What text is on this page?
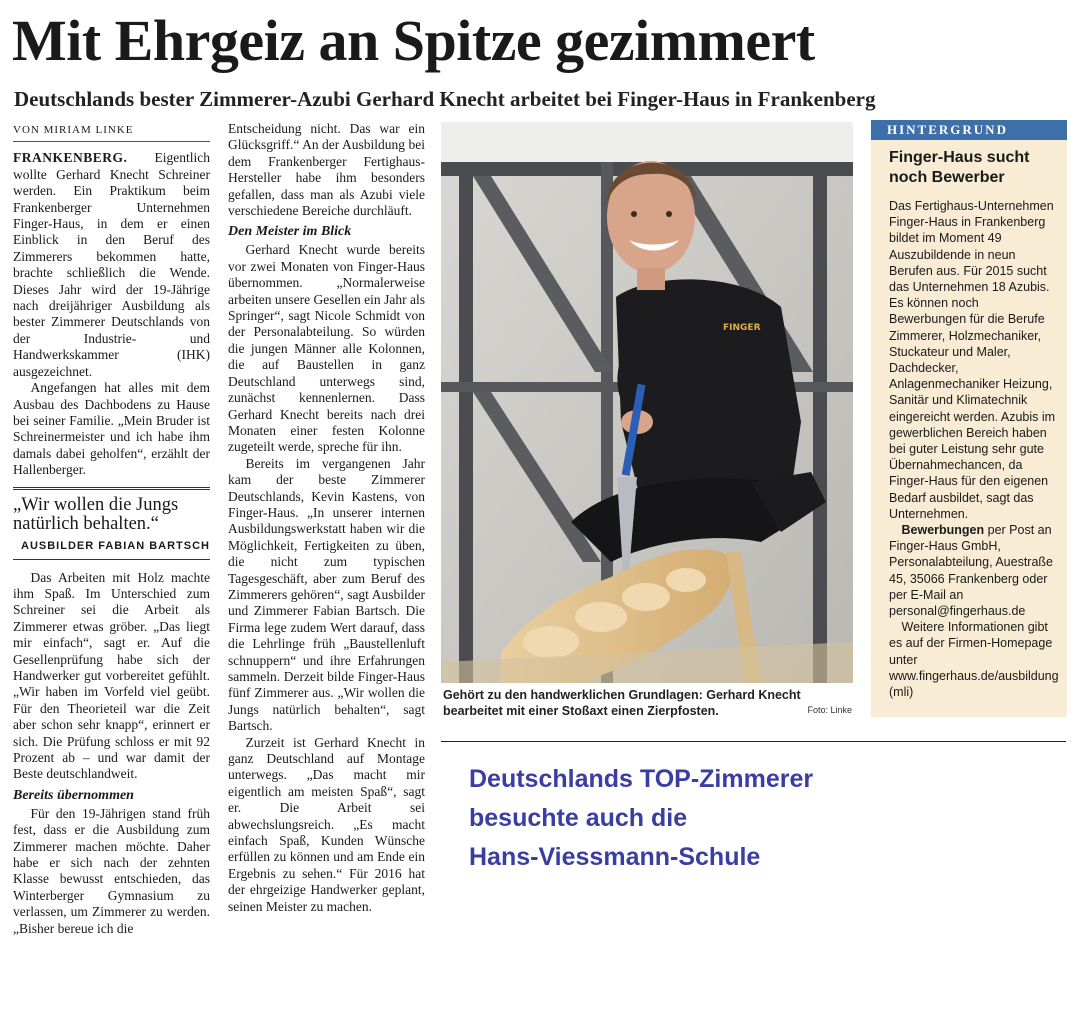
Mit Ehrgeiz an Spitze gezimmert
Deutschlands bester Zimmerer-Azubi Gerhard Knecht arbeitet bei Finger-Haus in Frankenberg
VON MIRIAM LINKE

FRANKENBERG. Eigentlich wollte Gerhard Knecht Schreiner werden. Ein Praktikum beim Frankenberger Unternehmen Finger-Haus, in dem er einen Einblick in den Beruf des Zimmerers bekommen hatte, brachte schließlich die Wende. Dieses Jahr wird der 19-Jährige nach dreijähriger Ausbildung als bester Zimmerer Deutschlands von der Industrie- und Handwerkskammer (IHK) ausgezeichnet.

Angefangen hat alles mit dem Ausbau des Dachbodens zu Hause bei seiner Familie. „Mein Bruder ist Schreinermeister und ich habe ihm damals dabei geholfen“, erzählt der Hallenberger.

„Wir wollen die Jungs natürlich behalten.“

AUSBILDER FABIAN BARTSCH

Das Arbeiten mit Holz machte ihm Spaß. Im Unterschied zum Schreiner sei die Arbeit als Zimmerer etwas gröber. „Das liegt mir einfach“, sagt er. Auf die Gesellenprüfung habe sich der Handwerker gut vorbereitet gefühlt. „Wir haben im Vorfeld viel geübt. Für den Theorieteil war die Zeit aber schon sehr knapp“, erinnert er sich. Die Prüfung schloss er mit 92 Prozent ab – und war damit der Beste deutschlandweit.

Bereits übernommen

Für den 19-Jährigen stand früh fest, dass er die Ausbildung zum Zimmerer machen möchte. Daher habe er sich nach der zehnten Klasse bewusst entschieden, das Winterberger Gymnasium zu verlassen, um Zimmerer zu werden. „Bisher bereue ich die

Entscheidung nicht. Das war ein Glücksgriff.“ An der Ausbildung bei dem Frankenberger Fertighaus-Hersteller habe ihm besonders gefallen, dass man als Azubi viele verschiedene Bereiche durchläuft.

Den Meister im Blick

Gerhard Knecht wurde bereits vor zwei Monaten von Finger-Haus übernommen. „Normalerweise arbeiten unsere Gesellen ein Jahr als Springer“, sagt Nicole Schmidt von der Personalabteilung. So würden die jungen Männer alle Kolonnen, die auf Baustellen in ganz Deutschland unterwegs sind, zunächst kennenlernen. Dass Gerhard Knecht bereits nach drei Monaten einer festen Kolonne zugeteilt werde, spreche für ihn.

Bereits im vergangenen Jahr kam der beste Zimmerer Deutschlands, Kevin Kastens, von Finger-Haus. „In unserer internen Ausbildungswerkstatt haben wir die Möglichkeit, Fertigkeiten zu üben, die nicht zum typischen Tagesgeschäft, aber zum Beruf des Zimmerers gehören“, sagt Ausbilder und Zimmerer Fabian Bartsch. Die Firma lege zudem Wert darauf, dass die Lehrlinge früh „Baustellenluft schnuppern“ und ihre Erfahrungen sammeln. Derzeit bilde Finger-Haus fünf Zimmerer aus. „Wir wollen die Jungs natürlich behalten“, sagt Bartsch.

Zurzeit ist Gerhard Knecht in ganz Deutschland auf Montage unterwegs. „Das macht mir eigentlich am meisten Spaß“, sagt er. Die Arbeit sei abwechslungsreich. „Es macht einfach Spaß, Kunden Wünsche erfüllen zu können und am Ende ein Ergebnis zu sehen.“ Für 2016 hat der ehrgeizige Handwerker geplant, seinen Meister zu machen.

FINGER
Gehört zu den handwerklichen Grundlagen: Gerhard Knecht bearbeitet mit einer Stoßaxt einen Zierpfosten.	Foto: Linke
HINTERGRUND
Finger-Haus sucht noch Bewerber

Das Fertighaus-Unternehmen Finger-Haus in Frankenberg bildet im Moment 49 Auszubildende in neun Berufen aus. Für 2015 sucht das Unternehmen 18 Azubis. Es können noch Bewerbungen für die Berufe Zimmerer, Holzmechaniker, Stuckateur und Maler, Dachdecker, Anlagenmechaniker Heizung, Sanitär und Klimatechnik eingereicht werden. Azubis im gewerblichen Bereich haben bei guter Leistung sehr gute Übernahmechancen, da Finger-Haus für den eigenen Bedarf ausbildet, sagt das Unternehmen.

Bewerbungen per Post an Finger-Haus GmbH, Personalabteilung, Auestraße 45, 35066 Frankenberg oder per E-Mail an personal@fingerhaus.de

Weitere Informationen gibt es auf der Firmen-Homepage unter www.fingerhaus.de/ausbildung (mli)

Deutschlands TOP-Zimmerer
besuchte auch die
Hans-Viessmann-Schule
